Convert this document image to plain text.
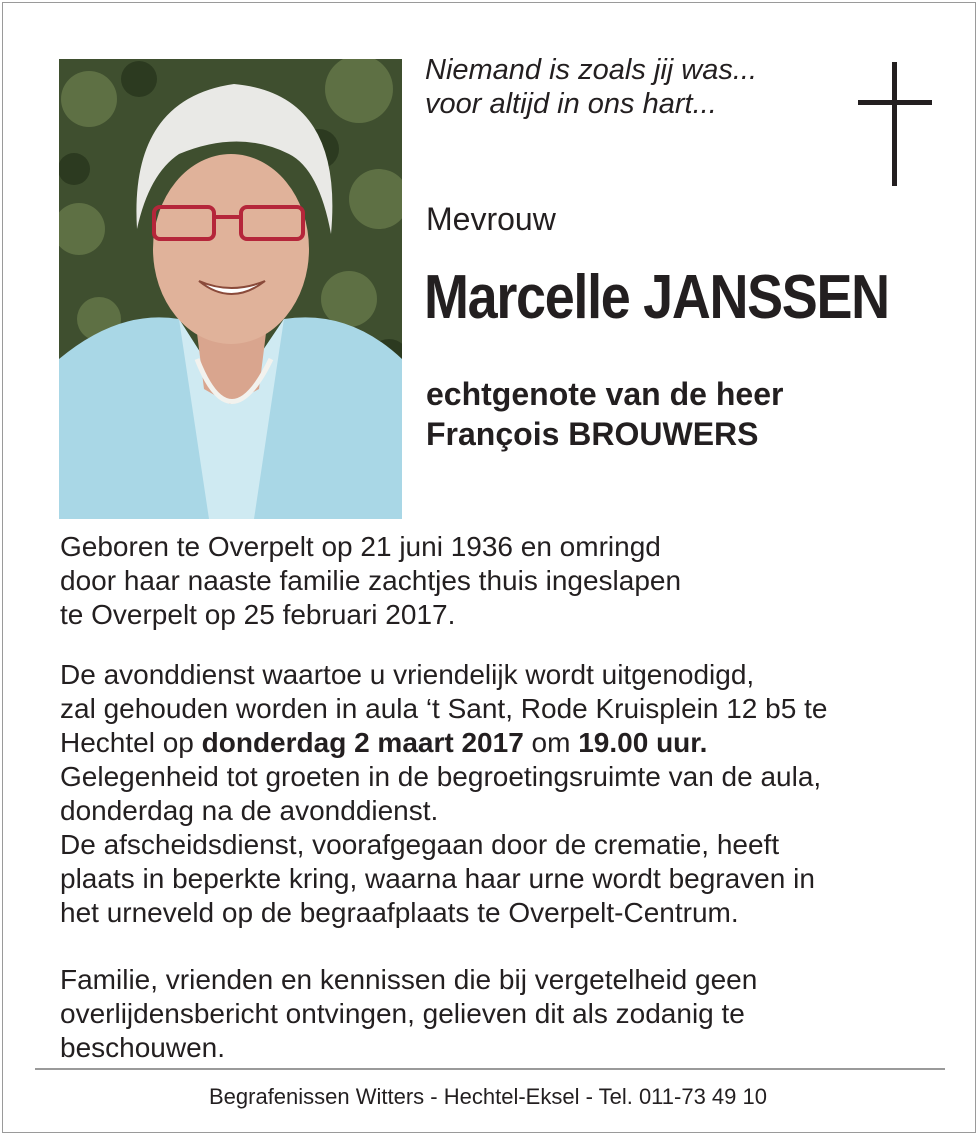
Niemand is zoals jij was...
voor altijd in ons hart...
Mevrouw
Marcelle JANSSEN
echtgenote van de heer
François BROUWERS
Geboren te Overpelt op 21 juni 1936 en omringd
door haar naaste familie zachtjes thuis ingeslapen
te Overpelt op 25 februari 2017.
De avonddienst waartoe u vriendelijk wordt uitgenodigd,
zal gehouden worden in aula ‘t Sant, Rode Kruisplein 12 b5 te
Hechtel op donderdag 2 maart 2017 om 19.00 uur.
Gelegenheid tot groeten in de begroetingsruimte van de aula,
donderdag na de avonddienst.
De afscheidsdienst, voorafgegaan door de crematie, heeft
plaats in beperkte kring, waarna haar urne wordt begraven in
het urneveld op de begraafplaats te Overpelt-Centrum.
Familie, vrienden en kennissen die bij vergetelheid geen
overlijdensbericht ontvingen, gelieven dit als zodanig te
beschouwen.
Begrafenissen Witters - Hechtel-Eksel - Tel. 011-73 49 10
